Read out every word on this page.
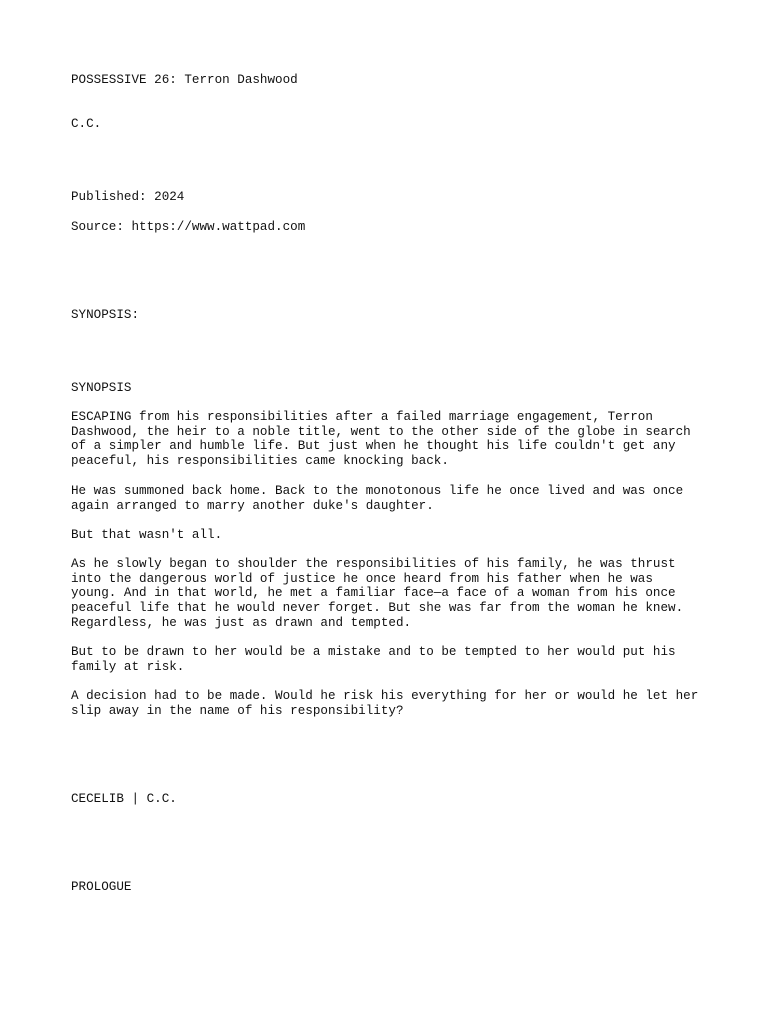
POSSESSIVE 26: Terron Dashwood

C.C.

Published: 2024

Source: https://www.wattpad.com

SYNOPSIS:

SYNOPSIS

ESCAPING from his responsibilities after a failed marriage engagement, Terron
Dashwood, the heir to a noble title, went to the other side of the globe in search
of a simpler and humble life. But just when he thought his life couldn't get any
peaceful, his responsibilities came knocking back.

He was summoned back home. Back to the monotonous life he once lived and was once
again arranged to marry another duke's daughter.

But that wasn't all.

As he slowly began to shoulder the responsibilities of his family, he was thrust
into the dangerous world of justice he once heard from his father when he was
young. And in that world, he met a familiar face—a face of a woman from his once
peaceful life that he would never forget. But she was far from the woman he knew.
Regardless, he was just as drawn and tempted.

But to be drawn to her would be a mistake and to be tempted to her would put his
family at risk.

A decision had to be made. Would he risk his everything for her or would he let her
slip away in the name of his responsibility?

CECELIB | C.C.

PROLOGUE
